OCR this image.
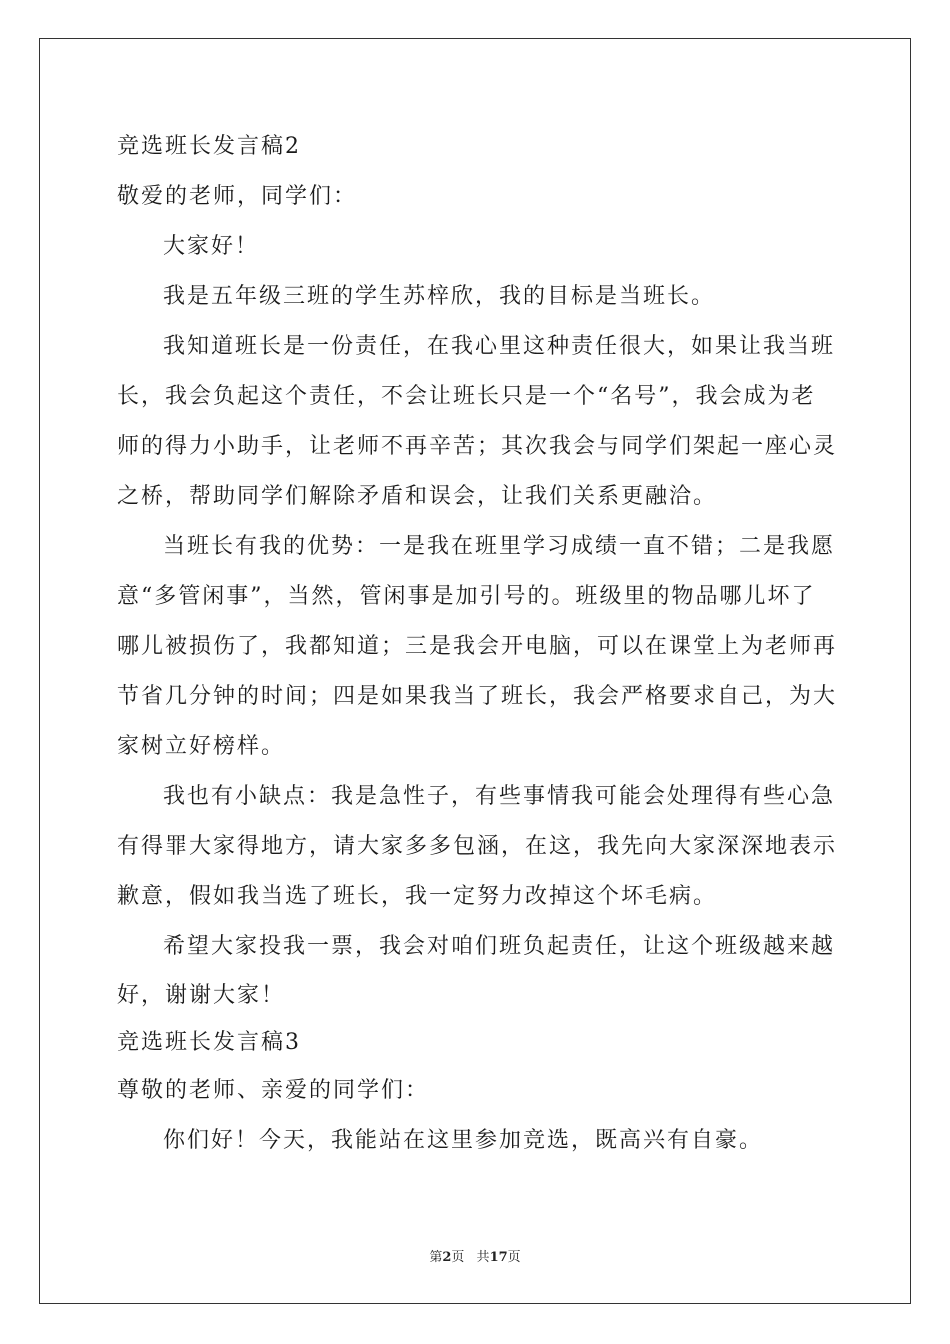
竞选班长发言稿2
敬爱的老师，同学们：
大家好！
我是五年级三班的学生苏梓欣，我的目标是当班长。
我知道班长是一份责任，在我心里这种责任很大，如果让我当班
长，我会负起这个责任，不会让班长只是一个“名号”，我会成为老
师的得力小助手，让老师不再辛苦；其次我会与同学们架起一座心灵
之桥，帮助同学们解除矛盾和误会，让我们关系更融洽。
当班长有我的优势：一是我在班里学习成绩一直不错；二是我愿
意“多管闲事”，当然，管闲事是加引号的。班级里的物品哪儿坏了
哪儿被损伤了，我都知道；三是我会开电脑，可以在课堂上为老师再
节省几分钟的时间；四是如果我当了班长，我会严格要求自己，为大
家树立好榜样。
我也有小缺点：我是急性子，有些事情我可能会处理得有些心急
有得罪大家得地方，请大家多多包涵，在这，我先向大家深深地表示
歉意，假如我当选了班长，我一定努力改掉这个坏毛病。
希望大家投我一票，我会对咱们班负起责任，让这个班级越来越
好，谢谢大家！
竞选班长发言稿3
尊敬的老师、亲爱的同学们：
你们好！今天，我能站在这里参加竞选，既高兴有自豪。
第2页 共17页
